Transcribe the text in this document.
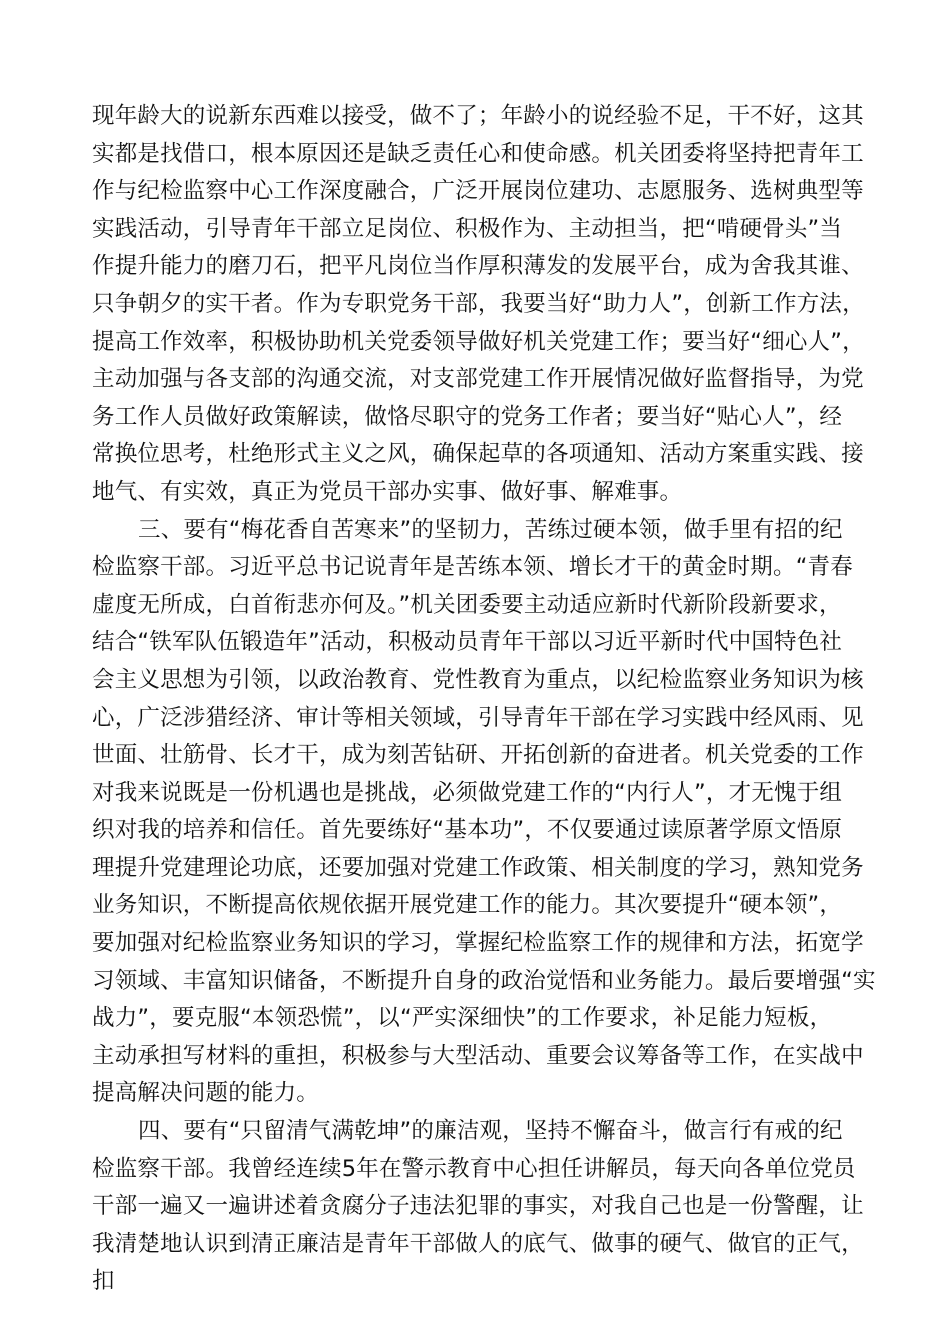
现年龄大的说新东西难以接受，做不了；年龄小的说经验不足，干不好，这其
实都是找借口，根本原因还是缺乏责任心和使命感。机关团委将坚持把青年工
作与纪检监察中心工作深度融合，广泛开展岗位建功、志愿服务、选树典型等
实践活动，引导青年干部立足岗位、积极作为、主动担当，把“啃硬骨头”当
作提升能力的磨刀石，把平凡岗位当作厚积薄发的发展平台，成为舍我其谁、
只争朝夕的实干者。作为专职党务干部，我要当好“助力人”，创新工作方法，
提高工作效率，积极协助机关党委领导做好机关党建工作；要当好“细心人”，
主动加强与各支部的沟通交流，对支部党建工作开展情况做好监督指导，为党
务工作人员做好政策解读，做恪尽职守的党务工作者；要当好“贴心人”，经
常换位思考，杜绝形式主义之风，确保起草的各项通知、活动方案重实践、接
地气、有实效，真正为党员干部办实事、做好事、解难事。
三、要有“梅花香自苦寒来”的坚韧力，苦练过硬本领，做手里有招的纪
检监察干部。习近平总书记说青年是苦练本领、增长才干的黄金时期。“青春
虚度无所成，白首衔悲亦何及。”机关团委要主动适应新时代新阶段新要求，
结合“铁军队伍锻造年”活动，积极动员青年干部以习近平新时代中国特色社
会主义思想为引领，以政治教育、党性教育为重点，以纪检监察业务知识为核
心，广泛涉猎经济、审计等相关领域，引导青年干部在学习实践中经风雨、见
世面、壮筋骨、长才干，成为刻苦钻研、开拓创新的奋进者。机关党委的工作
对我来说既是一份机遇也是挑战，必须做党建工作的“内行人”，才无愧于组
织对我的培养和信任。首先要练好“基本功”，不仅要通过读原著学原文悟原
理提升党建理论功底，还要加强对党建工作政策、相关制度的学习，熟知党务
业务知识，不断提高依规依据开展党建工作的能力。其次要提升“硬本领”，
要加强对纪检监察业务知识的学习，掌握纪检监察工作的规律和方法，拓宽学
习领域、丰富知识储备，不断提升自身的政治觉悟和业务能力。最后要增强“实
战力”，要克服“本领恐慌”，以“严实深细快”的工作要求，补足能力短板，
主动承担写材料的重担，积极参与大型活动、重要会议筹备等工作，在实战中
提高解决问题的能力。
四、要有“只留清气满乾坤”的廉洁观，坚持不懈奋斗，做言行有戒的纪
检监察干部。我曾经连续5年在警示教育中心担任讲解员，每天向各单位党员
干部一遍又一遍讲述着贪腐分子违法犯罪的事实，对我自己也是一份警醒，让
我清楚地认识到清正廉洁是青年干部做人的底气、做事的硬气、做官的正气，
扣
